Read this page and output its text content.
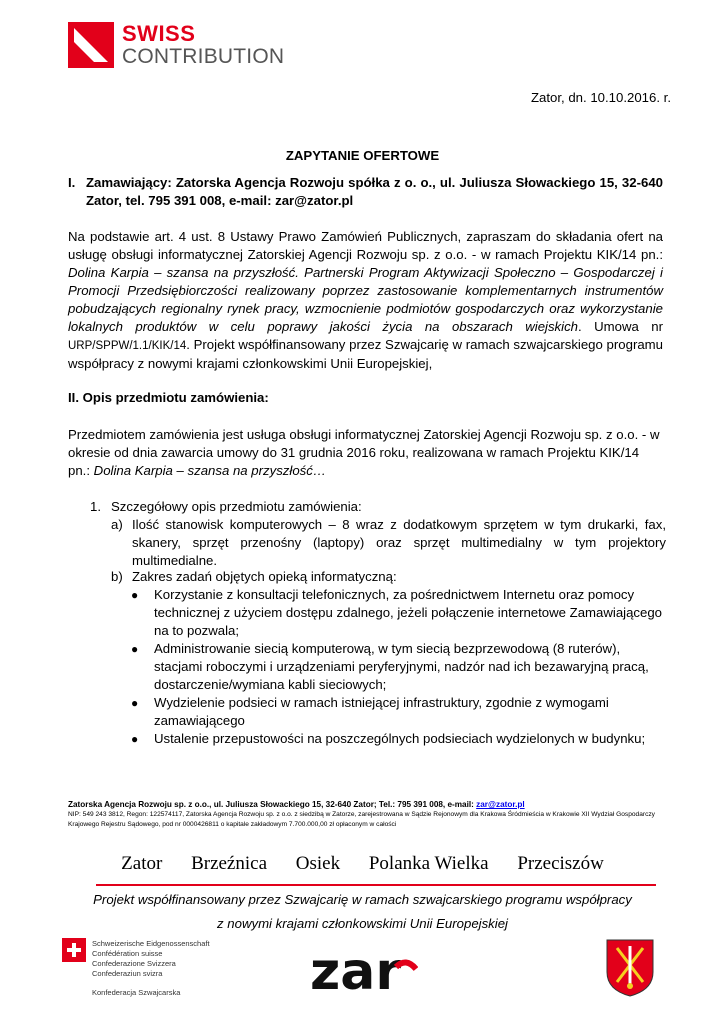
SWISS
CONTRIBUTION
Zator, dn. 10.10.2016. r.
ZAPYTANIE OFERTOWE
I. Zamawiający: Zatorska Agencja Rozwoju spółka z o. o., ul. Juliusza Słowackiego 15, 32-640 Zator, tel. 795 391 008, e-mail: zar@zator.pl
Na podstawie art. 4 ust. 8 Ustawy Prawo Zamówień Publicznych, zapraszam do składania ofert na usługę obsługi informatycznej Zatorskiej Agencji Rozwoju sp. z o.o. - w ramach Projektu KIK/14 pn.: Dolina Karpia – szansa na przyszłość. Partnerski Program Aktywizacji Społeczno – Gospodarczej i Promocji Przedsiębiorczości realizowany poprzez zastosowanie komplementarnych instrumentów pobudzających regionalny rynek pracy, wzmocnienie podmiotów gospodarczych oraz wykorzystanie lokalnych produktów w celu poprawy jakości życia na obszarach wiejskich. Umowa nr URP/SPPW/1.1/KIK/14. Projekt współfinansowany przez Szwajcarię w ramach szwajcarskiego programu współpracy z nowymi krajami członkowskimi Unii Europejskiej,
II. Opis przedmiotu zamówienia:
Przedmiotem zamówienia jest usługa obsługi informatycznej Zatorskiej Agencji Rozwoju sp. z o.o. - w okresie od dnia zawarcia umowy do 31 grudnia 2016 roku, realizowana w ramach Projektu KIK/14 pn.: Dolina Karpia – szansa na przyszłość…
1. Szczegółowy opis przedmiotu zamówienia:
a) Ilość stanowisk komputerowych – 8 wraz z dodatkowym sprzętem w tym drukarki, fax, skanery, sprzęt przenośny (laptopy) oraz sprzęt multimedialny w tym projektory multimedialne.
b) Zakres zadań objętych opieką informatyczną:
● Korzystanie z konsultacji telefonicznych, za pośrednictwem Internetu oraz pomocy technicznej z użyciem dostępu zdalnego, jeżeli połączenie internetowe Zamawiającego na to pozwala;
● Administrowanie siecią komputerową, w tym siecią bezprzewodową (8 ruterów), stacjami roboczymi i urządzeniami peryferyjnymi, nadzór nad ich bezawaryjną pracą, dostarczenie/wymiana kabli sieciowych;
● Wydzielenie podsieci w ramach istniejącej infrastruktury, zgodnie z wymogami zamawiającego
● Ustalenie przepustowości na poszczególnych podsieciach wydzielonych w budynku;
Zatorska Agencja Rozwoju sp. z o.o., ul. Juliusza Słowackiego 15, 32-640 Zator; Tel.: 795 391 008, e-mail: zar@zator.pl
NIP: 549 243 3812, Regon: 122574117, Zatorska Agencja Rozwoju sp. z o.o. z siedzibą w Zatorze, zarejestrowana w Sądzie Rejonowym dla Krakowa Śródmieścia w Krakowie XII Wydział Gospodarczy Krajowego Rejestru Sądowego, pod nr 0000426811 o kapitale zakładowym 7.700.000,00 zł opłaconym w całości
Zator Brzeźnica Osiek Polanka Wielka Przeciszów
Projekt współfinansowany przez Szwajcarię w ramach szwajcarskiego programu współpracy
z nowymi krajami członkowskimi Unii Europejskiej
Schweizerische Eidgenossenschaft
Confédération suisse
Confederazione Svizzera
Confederaziun svizra
Konfederacja Szwajcarska zar
